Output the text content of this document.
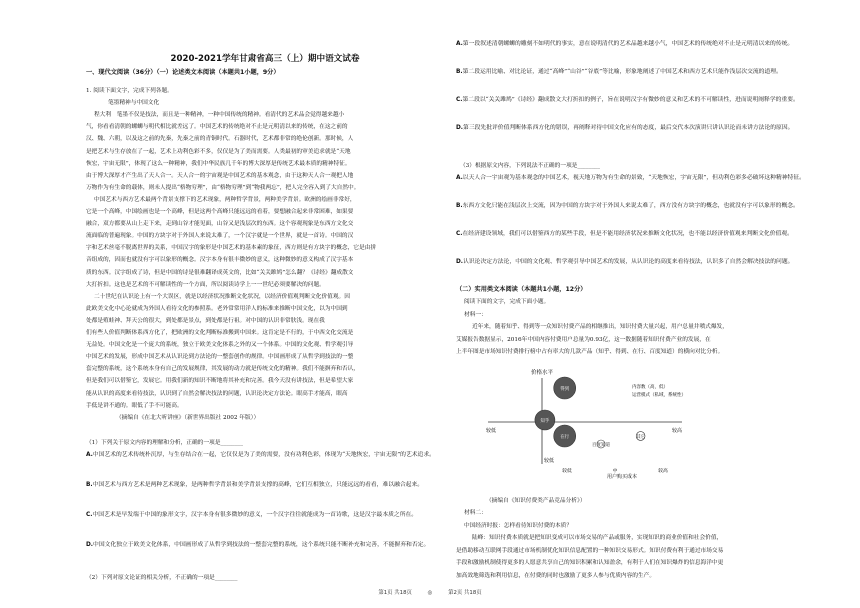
2020-2021学年甘肃省高三（上）期中语文试卷
一、现代文阅读（36分）（一）论述类文本阅读（本题共1小题，9分）
1. 阅读下面文字，完成下列各题。
笔墨精神与中国文化
程大利　笔墨不仅是技法，而且是一种精神，一种中国传统的精神。看清代的艺术品会觉得越来越小
气，你看看清朝的螺蛳与明代相比就差远了。中国艺术的传统绝对不止是元明清以来的传统，在这之前的
汉、魏、六朝，以及这之前的先秦，先秦之前的青铜时代。石器时代，艺术都非常的绝伦创新。那时候，人
是把艺术与生存放在了一起，艺术上功利色彩不多，仅仅是为了美而需要。人类最初的审美追求就是“天地
恢宏，宇宙无限”，体现了这么一种精神，我们中华民族几千年的博大深厚是传统艺术最本质的精神特征。
由于博大深厚才产生出了天人合一。天人合一的宇宙观是中国艺术的基本观念，由于这种天人合一观把人地
万物作为有生命的载体，则未人提出“格物穷理”，由“格物穷理”到“物我两忘”，把人完全容入到了大自然中。
中国艺术与西方艺术最两个背景支撑下的艺术现象，两种哲学背景，两种美学背景。欧洲的绘画非常好，
它是一个高峰，中国绘画也是一个高峰，但是这两个高峰只能远远的看着，要想融合起来非常困难，如果要
融合，双方都要从山上走下来，走到山谷才能见面，山谷又是浅层次的东西。这个容观现象是东西方文化交
流面临的普遍现象。中国的方块字对于外国人来说太难了，一个汉字就是一个世界，就是一首诗。中国的汉
字和艺术丝毫不脱离世界的关系，中国汉字的象形是中国艺术的基本素的象征，西方则是有方块字的概念，它是由拼
音组成的，因而也就没有字可以象形的概念。汉字本身有很丰微妙的意义，这种微妙的意义构成了汉字基本
质的东西。汉字组成了诗，但是中国的诗是很难翻译成英文的，比如“关关雎鸠”怎么翻？《诗经》翻成散文
大打折扣。这也是艺术的不可解读性的一个方面，所以阅读诗学上一一世纪必须要解决的问题。
二十世纪在认识论上有一个大误区，就是以经济状况推断文化状况，以经济价值观判断文化价值观。因
此欧美文化中心论就成为外国人看待文化的参照系。老外常常用洋人的标准来推断中国文化，以为中国到
处都是殖蛙神、拜天公的很大，到处都是景点，到处都是行祖。对中国的认识非常肤浅。现在我
们有些人价值判断体系西方化了，把欧洲的文化判断标准搬到中国来。这肯定是不行的，于中西文化交流是
无益处。中国文化是一个庞大的系统，独立于欧美文化体系之外的又一个体系。中国的文化观、哲学观引导
中国艺术的发展，形成中国艺术从认识论到方法论的一整套创作的规律。中国画形成了从哲学到技法的一整
套完整的系统，这个系统本身有自己的发展规律，其发展的动力就是传统文化的精神。我们不能摒弃和否认，
但是我们可以借鉴它，发展它。用我们新的知识不断地将其补充和完善。我今天没有讲技法，但是希望大家
能从认识的高度来看待技法，认识到了自然会解决技法的问题，认识论决定方法论。眼高手才能高，眼高
手低是讲不通的。眼低了手不可能高。
（摘编自《在北大听讲座》（新世界出版社 2002 年版））
（1）下列关于原文内容的理解和分析，正确的一项是________
A.中国艺术的艺术传统朴沉厚，与生存结合在一起，它仅仅是为了美的需要，没有功利色彩，体现为“天地恢宏，宇宙无限”的艺术追求。
B.中国艺术与西方艺术是两种艺术现象，是两种哲学背景和美学背景支撑的高峰，它们互相独立，只能远远的看看，难以融合起来。
C.中国艺术是早发端于中国的象形文字，汉字本身有很多微妙的意义，一个汉字往往就能成为一首诗歌，这是汉字最本质之所在。
D.中国文化独立于欧美文化体系，中国画形成了从哲学到技法的一整套完整的系统，这个系统只能不断补充和完善，不能摒弃和否定。
（2）下列对原文论证的相关分析，不正确的一项是________
A.第一段叙述清朝螺蛳的雕刻不如明代的事实，意在说明清代的艺术品越来越小气，中国艺术的传统绝对不止是元明清以来的传统。
B.第二段运用比喻、对比论证，通过“高峰”“山谷”“谷底”等比喻，形象地阐述了中国艺术和西方艺术只能作浅层次交流的道理。
C.第二段以“关关雎鸠”《诗经》翻成散文大打折扣的例子，旨在说明汉字有微妙的意义和艺术的不可解读性，进而说明阐释学的重要。
D.第三段先批评价值判断体系西方化的错误，再阐释对待中国文化应有的态度，最后交代本次演讲只讲认识论而未讲方法论的原因。
（3）根据原文内容，下列说法不正确的一项是________
A.以天人合一宇宙观为基本观念的中国艺术，视天地万物为有生命的景致，“天地恢宏，宇宙无限”，但功利色彩多必破坏这种精神特征。
B.东西方文化只能在浅层次上交流，因为中国的方块字对于外国人来说太难了，西方没有方块字的概念，也就没有字可以象形的概念。
C.在经济建设领域，我们可以借鉴西方的某些手段，但是不能用经济状况来推断文化状况，也不能以经济价值观来判断文化价值观。
D.认识论决定方法论，中国的文化观、哲学观引导中国艺术的发展，从认识论的高度来看待技法，认识多了自然会解决技法的问题。
（二）实用类文本阅读（本题共1小题，12分）
阅读下面的文字，完成下面小题。
材料一：
近年来，随着知乎、得到等一众知识付费产品的相继推出，知识付费大量兴起，用户总量井喷式爆发，
艾媒报告数据显示，2016年中国内容付费用户总量为0.93亿，这一数据随着知识付费产业的发展，在
上半年图是市场知识付费排行榜中占有率大的几款产品（知乎、得到、在行、百度知道）的横向对比分析。
（摘编自《知识付费类产品竞品分析》）
材料二：
中国经济时报：怎样看待知识付费的本质？
陆峰：知识付费本质就是把知识变成可以市场交易的产品或服务，实现知识的商业价值和社会价值，
是借助移动互联网手段通过市场机制优化知识信息配置的一种知识交易形式。知识付费有利于通过市场交易
手段和激励机制使得更多的人愿意共享自己的知识积累和认知盈余，有利于人们在知识爆炸的信息海洋中更
加高效地筛选和利用信息，在付费的同时也激励了更多人参与优质内容的生产。
价格水平
较低	较高
较低
得到
知乎
在行
百度知道
其它
较低	中	较高
用户购买成本
内容数（高，低）
运营模式（私域，系统性）
第1页 共18页	◎	第2页 共18页
